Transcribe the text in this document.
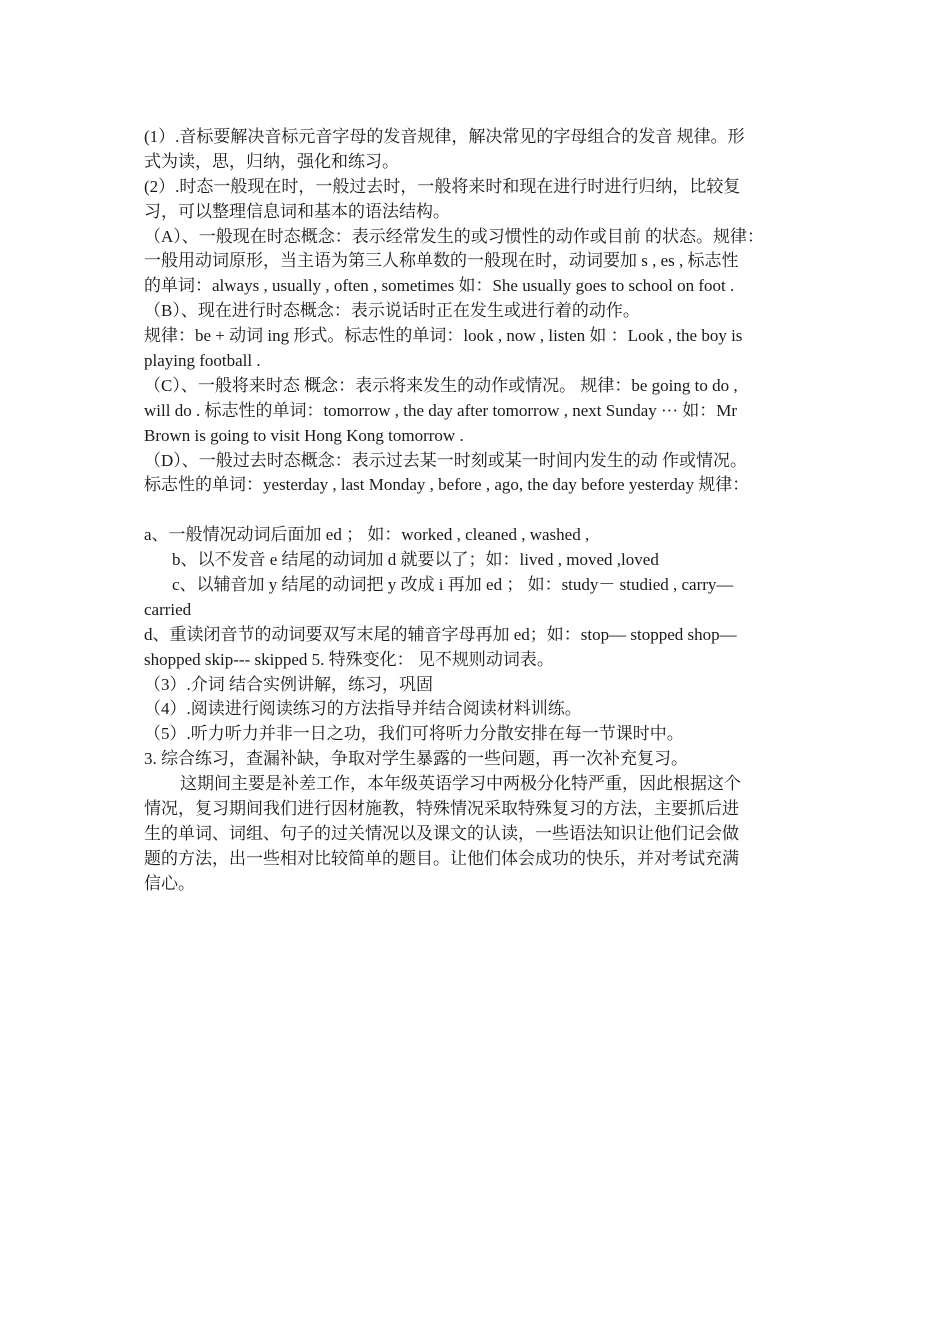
(1）.音标要解决音标元音字母的发音规律，解决常见的字母组合的发音 规律。形
式为读，思，归纳，强化和练习。
(2）.时态一般现在时，一般过去时，一般将来时和现在进行时进行归纳，比较复
习，可以整理信息词和基本的语法结构。
（A）、一般现在时态概念：表示经常发生的或习惯性的动作或目前 的状态。规律：
一般用动词原形，当主语为第三人称单数的一般现在时，动词要加 s , es , 标志性
的单词：always , usually , often , sometimes 如：She usually goes to school on foot .
（B）、现在进行时态概念：表示说话时正在发生或进行着的动作。
规律：be + 动词 ing 形式。标志性的单词：look , now , listen 如 ：Look , the boy is
playing football .
（C）、一般将来时态 概念：表示将来发生的动作或情况。 规律：be going to do ,
will do . 标志性的单词：tomorrow , the day after tomorrow , next Sunday ··· 如：Mr
Brown is going to visit Hong Kong tomorrow .
（D）、一般过去时态概念：表示过去某一时刻或某一时间内发生的动 作或情况。
标志性的单词：yesterday , last Monday , before , ago, the day before yesterday 规律：
a、一般情况动词后面加 ed ； 如：worked , cleaned , washed ,
b、以不发音 e 结尾的动词加 d 就要以了；如：lived , moved ,loved
c、以辅音加 y 结尾的动词把 y 改成 i 再加 ed ； 如：study－ studied , carry—
carried
d、重读闭音节的动词要双写末尾的辅音字母再加 ed；如：stop— stopped shop—
shopped skip--- skipped 5. 特殊变化： 见不规则动词表。
（3）.介词 结合实例讲解，练习，巩固
（4）.阅读进行阅读练习的方法指导并结合阅读材料训练。
（5）.听力听力并非一日之功，我们可将听力分散安排在每一节课时中。
3. 综合练习，查漏补缺，争取对学生暴露的一些问题，再一次补充复习。
这期间主要是补差工作，本年级英语学习中两极分化特严重，因此根据这个
情况，复习期间我们进行因材施教，特殊情况采取特殊复习的方法，主要抓后进
生的单词、词组、句子的过关情况以及课文的认读，一些语法知识让他们记会做
题的方法，出一些相对比较简单的题目。让他们体会成功的快乐，并对考试充满
信心。
